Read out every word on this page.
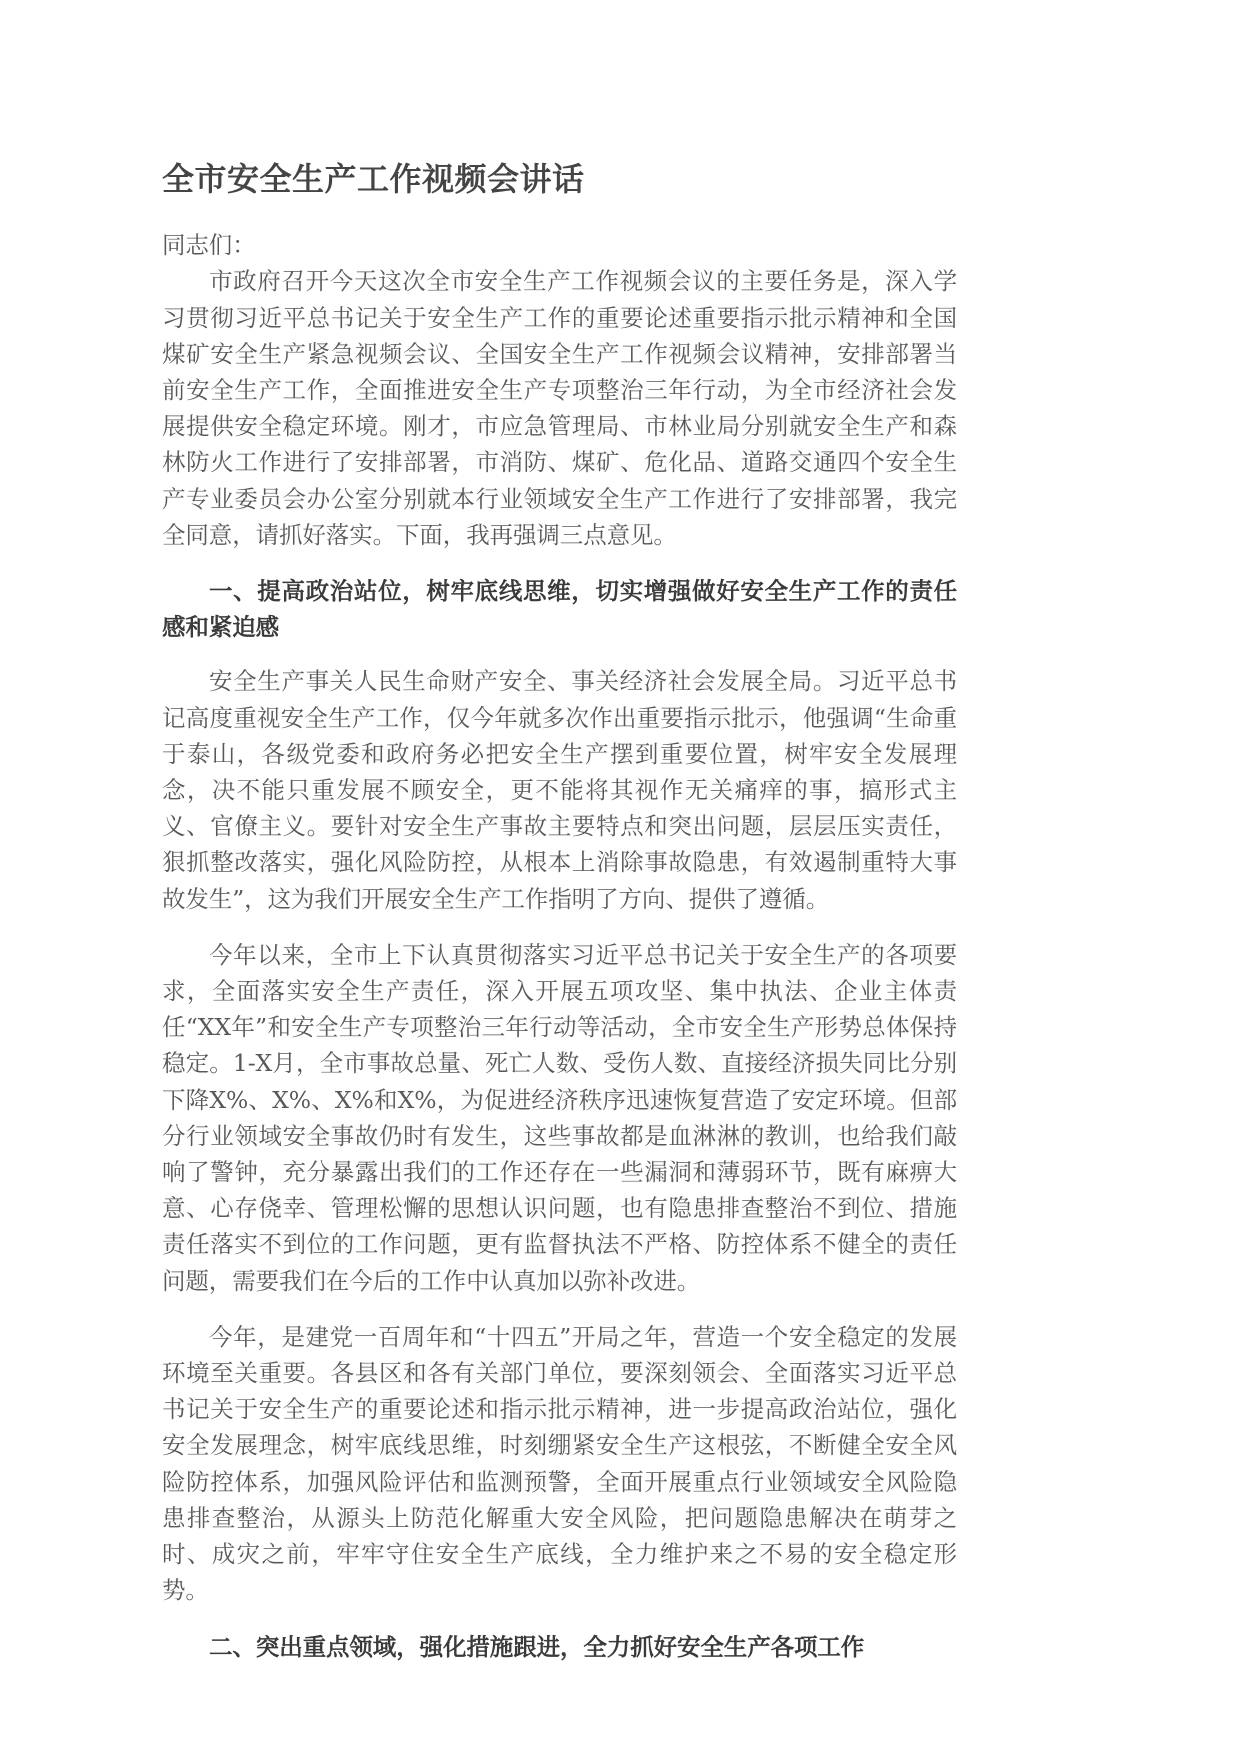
全市安全生产工作视频会讲话

同志们：

市政府召开今天这次全市安全生产工作视频会议的主要任务是，深入学习贯彻习近平总书记关于安全生产工作的重要论述重要指示批示精神和全国煤矿安全生产紧急视频会议、全国安全生产工作视频会议精神，安排部署当前安全生产工作，全面推进安全生产专项整治三年行动，为全市经济社会发展提供安全稳定环境。刚才，市应急管理局、市林业局分别就安全生产和森林防火工作进行了安排部署，市消防、煤矿、危化品、道路交通四个安全生产专业委员会办公室分别就本行业领域安全生产工作进行了安排部署，我完全同意，请抓好落实。下面，我再强调三点意见。

一、提高政治站位，树牢底线思维，切实增强做好安全生产工作的责任感和紧迫感

安全生产事关人民生命财产安全、事关经济社会发展全局。习近平总书记高度重视安全生产工作，仅今年就多次作出重要指示批示，他强调“生命重于泰山，各级党委和政府务必把安全生产摆到重要位置，树牢安全发展理念，决不能只重发展不顾安全，更不能将其视作无关痛痒的事，搞形式主义、官僚主义。要针对安全生产事故主要特点和突出问题，层层压实责任，狠抓整改落实，强化风险防控，从根本上消除事故隐患，有效遏制重特大事故发生”，这为我们开展安全生产工作指明了方向、提供了遵循。

今年以来，全市上下认真贯彻落实习近平总书记关于安全生产的各项要求，全面落实安全生产责任，深入开展五项攻坚、集中执法、企业主体责任“XX年”和安全生产专项整治三年行动等活动，全市安全生产形势总体保持稳定。1-X月，全市事故总量、死亡人数、受伤人数、直接经济损失同比分别下降X%、X%、X%和X%，为促进经济秩序迅速恢复营造了安定环境。但部分行业领域安全事故仍时有发生，这些事故都是血淋淋的教训，也给我们敲响了警钟，充分暴露出我们的工作还存在一些漏洞和薄弱环节，既有麻痹大意、心存侥幸、管理松懈的思想认识问题，也有隐患排查整治不到位、措施责任落实不到位的工作问题，更有监督执法不严格、防控体系不健全的责任问题，需要我们在今后的工作中认真加以弥补改进。

今年，是建党一百周年和“十四五”开局之年，营造一个安全稳定的发展环境至关重要。各县区和各有关部门单位，要深刻领会、全面落实习近平总书记关于安全生产的重要论述和指示批示精神，进一步提高政治站位，强化安全发展理念，树牢底线思维，时刻绷紧安全生产这根弦，不断健全安全风险防控体系，加强风险评估和监测预警，全面开展重点行业领域安全风险隐患排查整治，从源头上防范化解重大安全风险，把问题隐患解决在萌芽之时、成灾之前，牢牢守住安全生产底线，全力维护来之不易的安全稳定形势。

二、突出重点领域，强化措施跟进，全力抓好安全生产各项工作
